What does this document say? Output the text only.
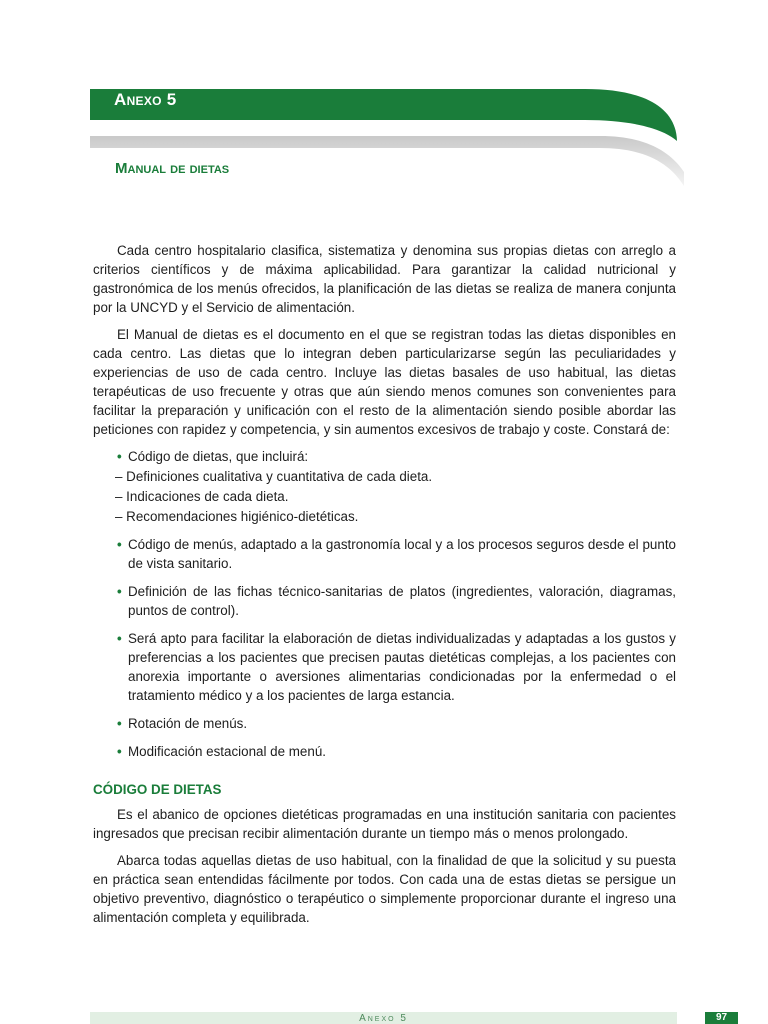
Anexo 5
Manual de dietas

Cada centro hospitalario clasifica, sistematiza y denomina sus propias dietas con arreglo a criterios científicos y de máxima aplicabilidad. Para garantizar la calidad nutricional y gastronómica de los menús ofrecidos, la planificación de las dietas se realiza de manera conjunta por la UNCYD y el Servicio de alimentación.

El Manual de dietas es el documento en el que se registran todas las dietas disponibles en cada centro. Las dietas que lo integran deben particularizarse según las peculiaridades y experiencias de uso de cada centro. Incluye las dietas basales de uso habitual, las dietas terapéuticas de uso frecuente y otras que aún siendo menos comunes son convenientes para facilitar la preparación y unificación con el resto de la alimentación siendo posible abordar las peticiones con rapidez y competencia, y sin aumentos excesivos de trabajo y coste. Constará de:

• Código de dietas, que incluirá:
– Definiciones cualitativa y cuantitativa de cada dieta.
– Indicaciones de cada dieta.
– Recomendaciones higiénico-dietéticas.
• Código de menús, adaptado a la gastronomía local y a los procesos seguros desde el punto de vista sanitario.
• Definición de las fichas técnico-sanitarias de platos (ingredientes, valoración, diagramas, puntos de control).
• Será apto para facilitar la elaboración de dietas individualizadas y adaptadas a los gustos y preferencias a los pacientes que precisen pautas dietéticas complejas, a los pacientes con anorexia importante o aversiones alimentarias condicionadas por la enfermedad o el tratamiento médico y a los pacientes de larga estancia.
• Rotación de menús.
• Modificación estacional de menú.
CÓDIGO DE DIETAS

Es el abanico de opciones dietéticas programadas en una institución sanitaria con pacientes ingresados que precisan recibir alimentación durante un tiempo más o menos prolongado.

Abarca todas aquellas dietas de uso habitual, con la finalidad de que la solicitud y su puesta en práctica sean entendidas fácilmente por todos. Con cada una de estas dietas se persigue un objetivo preventivo, diagnóstico o terapéutico o simplemente proporcionar durante el ingreso una alimentación completa y equilibrada.

Anexo 5	97
